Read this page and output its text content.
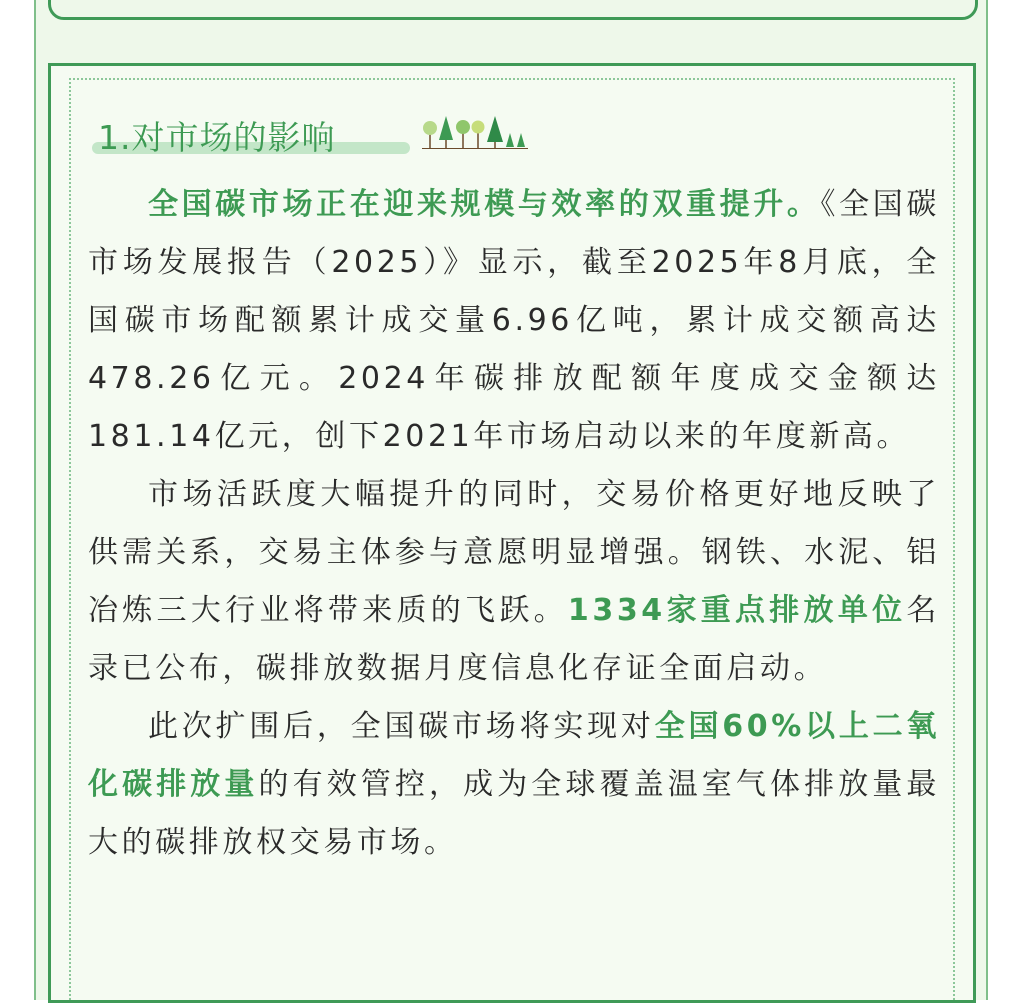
1.对市场的影响

全国碳市场正在迎来规模与效率的双重提升。《全国碳市场发展报告（2025）》显示，截至2025年8月底，全国碳市场配额累计成交量6.96亿吨，累计成交额高达478.26亿元。2024年碳排放配额年度成交金额达181.14亿元，创下2021年市场启动以来的年度新高。

市场活跃度大幅提升的同时，交易价格更好地反映了供需关系，交易主体参与意愿明显增强。钢铁、水泥、铝冶炼三大行业将带来质的飞跃。1334家重点排放单位名录已公布，碳排放数据月度信息化存证全面启动。

此次扩围后，全国碳市场将实现对全国60%以上二氧化碳排放量的有效管控，成为全球覆盖温室气体排放量最大的碳排放权交易市场。
